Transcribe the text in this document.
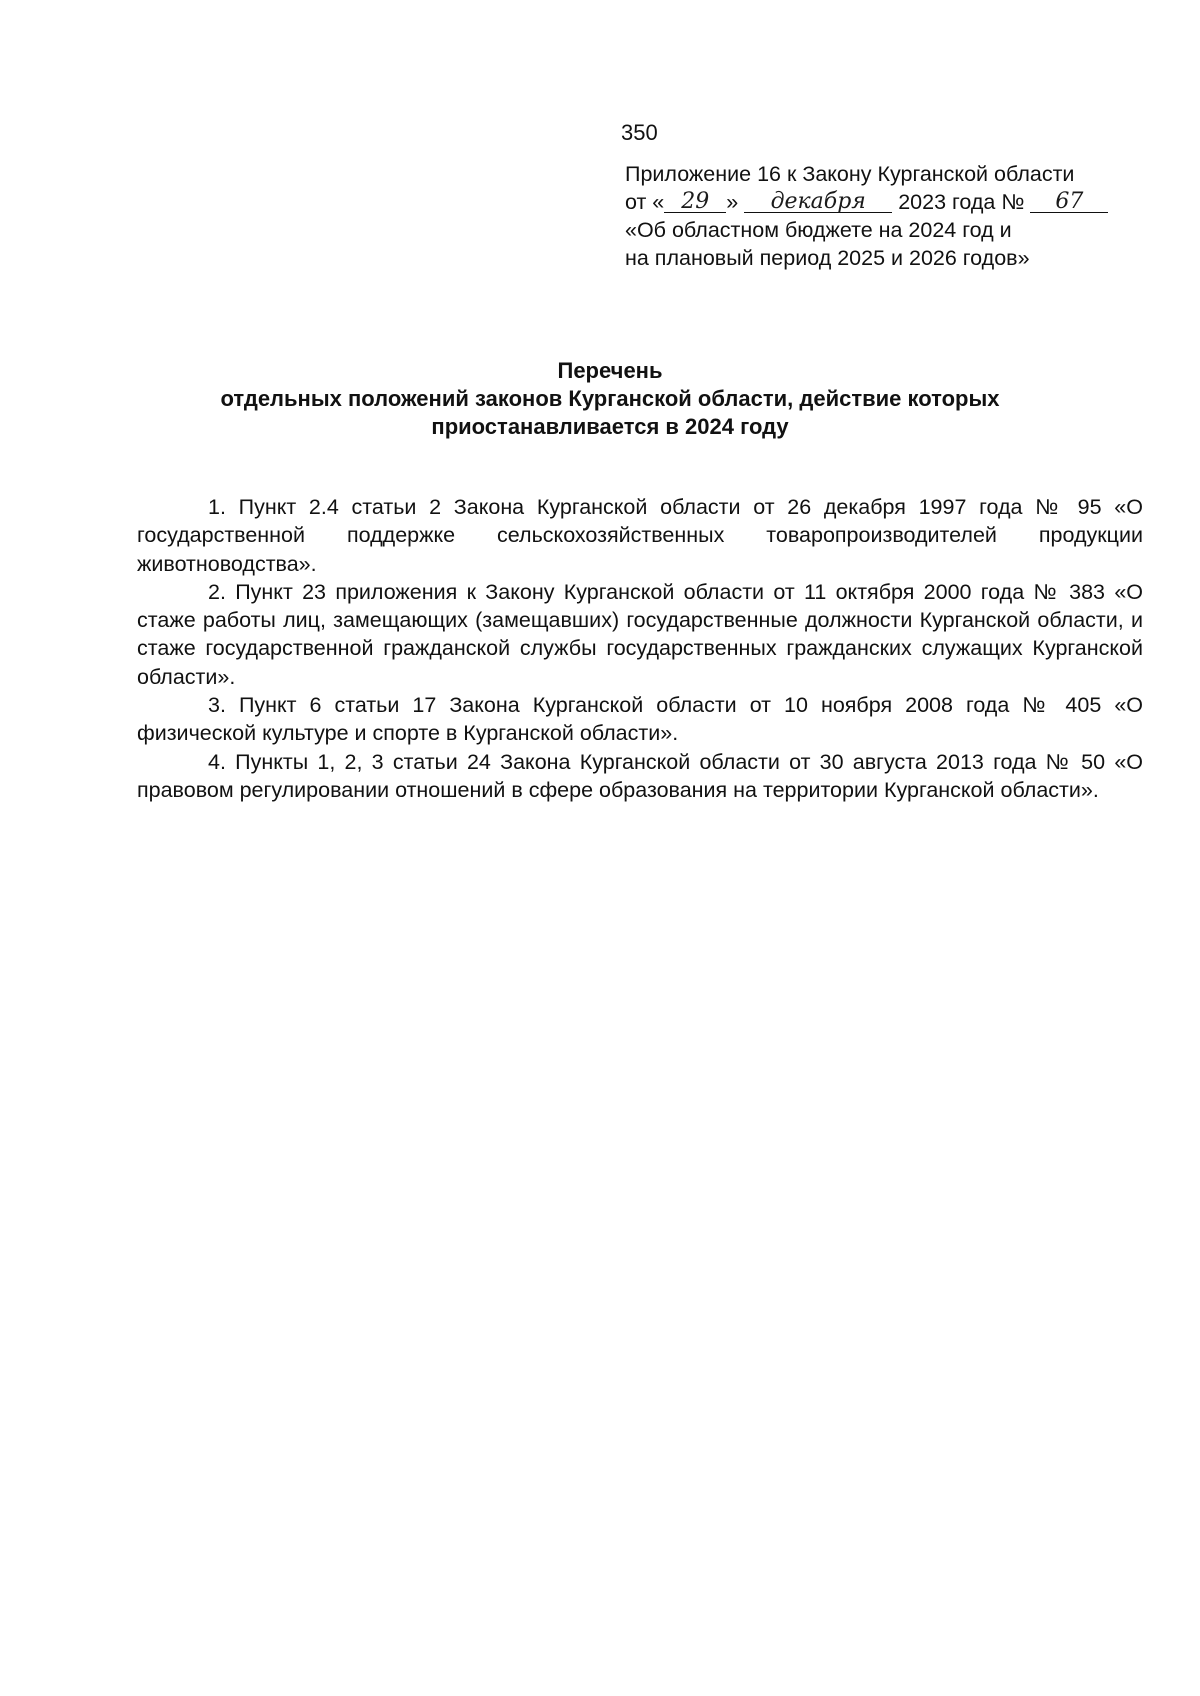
350
Приложение 16 к Закону Курганской области
от « 29 » декабря 2023 года № 67
«Об областном бюджете на 2024 год и
на плановый период 2025 и 2026 годов»
Перечень
отдельных положений законов Курганской области, действие которых
приостанавливается в 2024 году

1. Пункт 2.4 статьи 2 Закона Курганской области от 26 декабря 1997 года № 95 «О государственной поддержке сельскохозяйственных товаропроизводителей продукции животноводства».

2. Пункт 23 приложения к Закону Курганской области от 11 октября 2000 года № 383 «О стаже работы лиц, замещающих (замещавших) государственные должности Курганской области, и стаже государственной гражданской службы государственных гражданских служащих Курганской области».

3. Пункт 6 статьи 17 Закона Курганской области от 10 ноября 2008 года № 405 «О физической культуре и спорте в Курганской области».

4. Пункты 1, 2, 3 статьи 24 Закона Курганской области от 30 августа 2013 года № 50 «О правовом регулировании отношений в сфере образования на территории Курганской области».
